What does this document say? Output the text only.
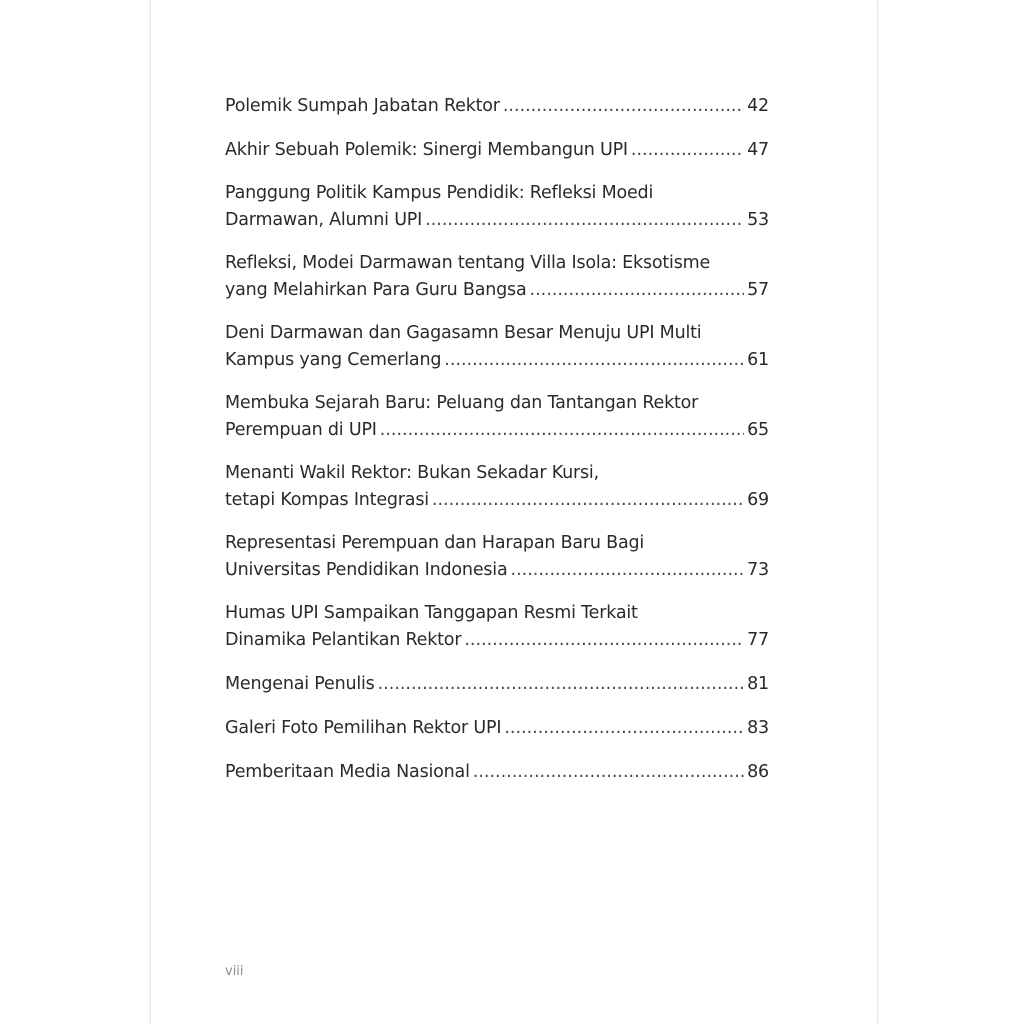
Polemik Sumpah Jabatan Rektor .....	42
Akhir Sebuah Polemik: Sinergi Membangun UPI .....	47
Panggung Politik Kampus Pendidik: Refleksi Moedi
Darmawan, Alumni UPI .....	53
Refleksi, Modei Darmawan tentang Villa Isola: Eksotisme
yang Melahirkan Para Guru Bangsa .....	57
Deni Darmawan dan Gagasamn Besar Menuju UPI Multi
Kampus yang Cemerlang .....	61
Membuka Sejarah Baru: Peluang dan Tantangan Rektor
Perempuan di UPI .....	65
Menanti Wakil Rektor: Bukan Sekadar Kursi,
tetapi Kompas Integrasi .....	69
Representasi Perempuan dan Harapan Baru Bagi
Universitas Pendidikan Indonesia .....	73
Humas UPI Sampaikan Tanggapan Resmi Terkait
Dinamika Pelantikan Rektor .....	77
Mengenai Penulis .....	81
Galeri Foto Pemilihan Rektor UPI .....	83
Pemberitaan Media Nasional .....	86
viii
